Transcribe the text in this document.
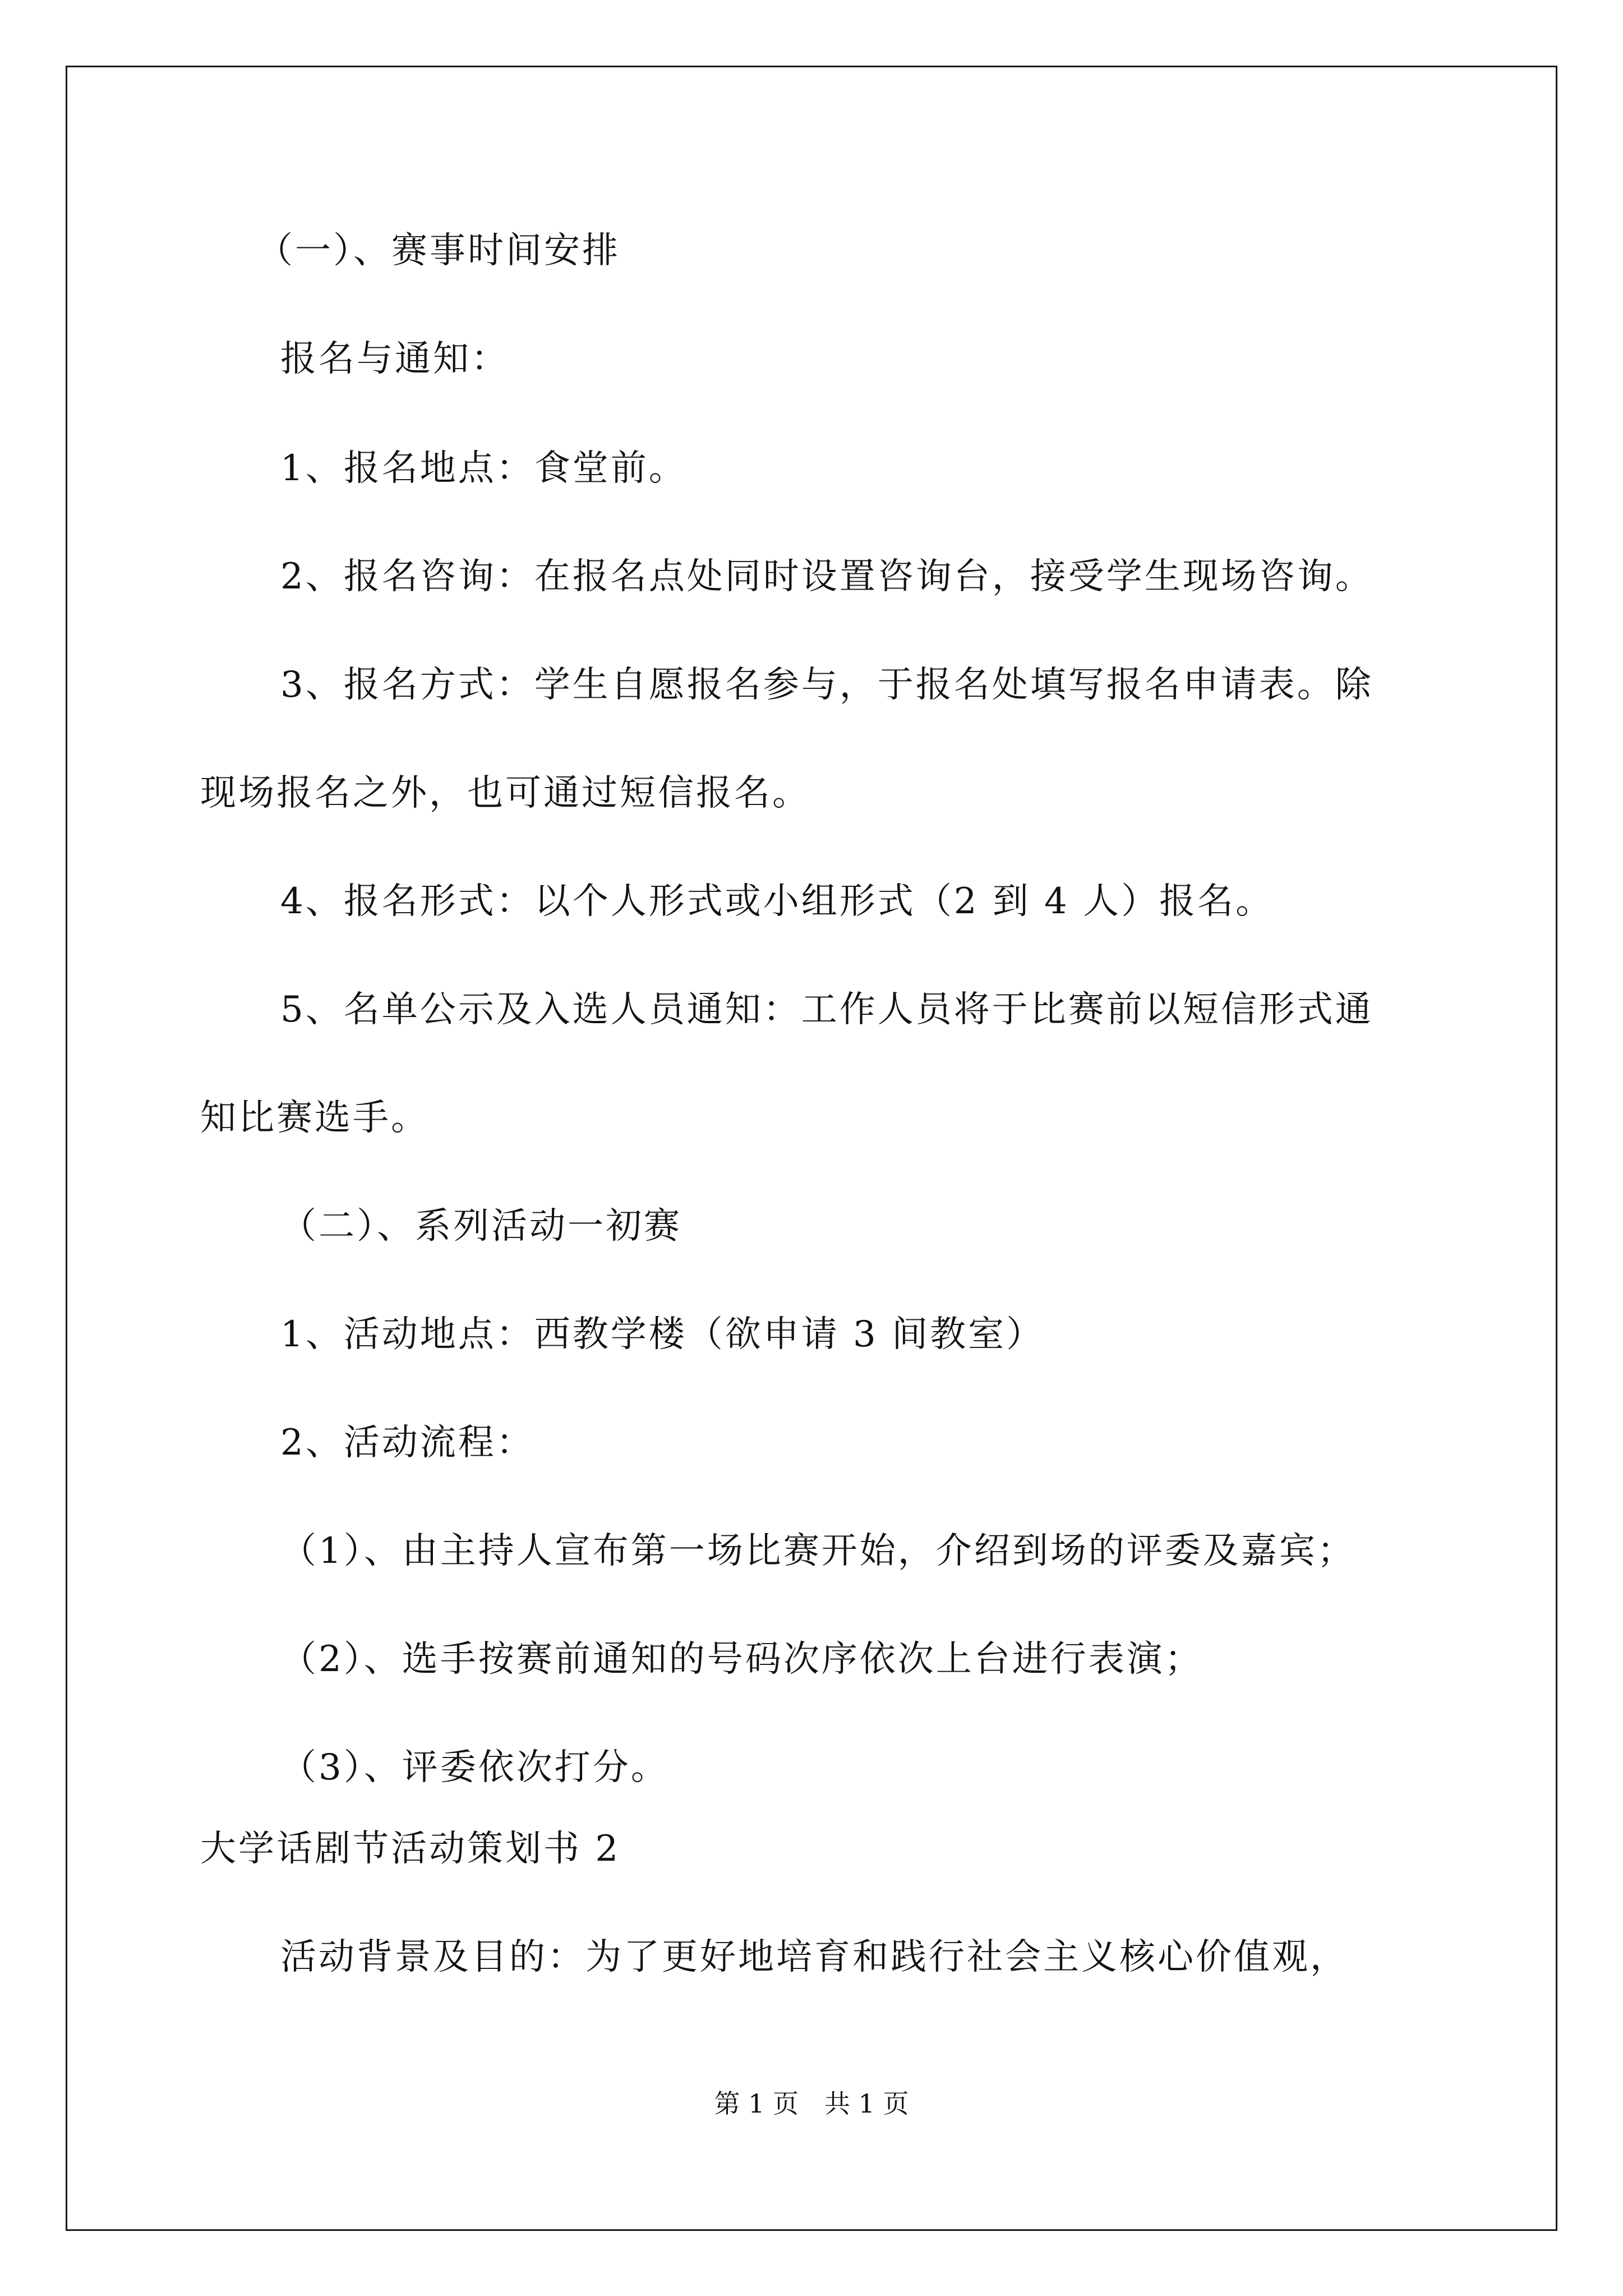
（一）、赛事时间安排
报名与通知：
1、报名地点：食堂前。
2、报名咨询：在报名点处同时设置咨询台，接受学生现场咨询。
3、报名方式：学生自愿报名参与，于报名处填写报名申请表。除
现场报名之外，也可通过短信报名。
4、报名形式：以个人形式或小组形式（2 到 4 人）报名。
5、名单公示及入选人员通知：工作人员将于比赛前以短信形式通
知比赛选手。
（二）、系列活动一初赛
1、活动地点：西教学楼（欲申请 3 间教室）
2、活动流程：
（1）、由主持人宣布第一场比赛开始，介绍到场的评委及嘉宾；
（2）、选手按赛前通知的号码次序依次上台进行表演；
（3）、评委依次打分。
大学话剧节活动策划书 2
活动背景及目的：为了更好地培育和践行社会主义核心价值观，
第 1 页　共 1 页
